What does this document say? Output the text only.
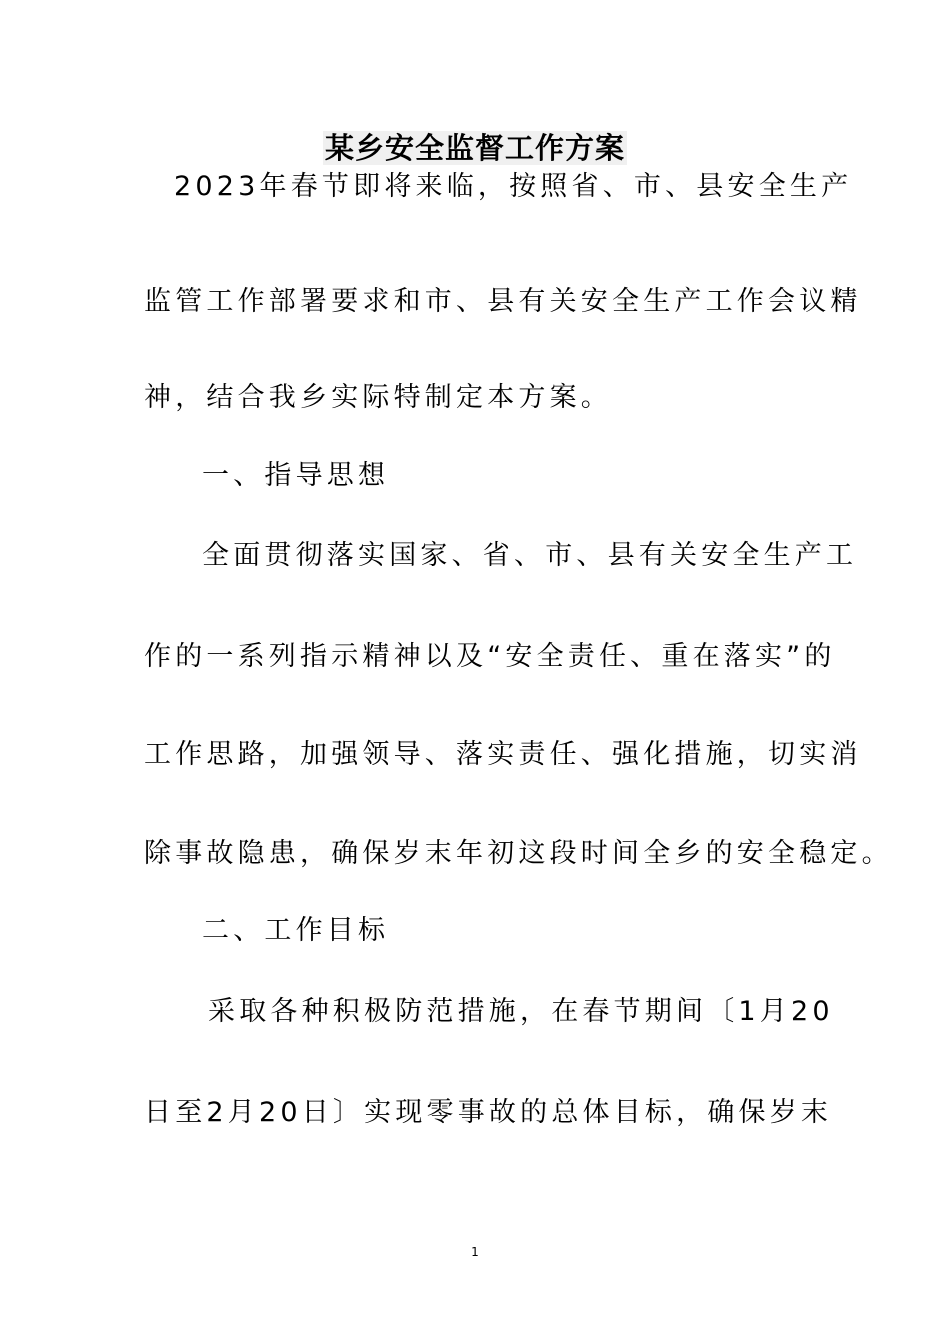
某乡安全监督工作方案
2023年春节即将来临，按照省、市、县安全生产
监管工作部署要求和市、县有关安全生产工作会议精
神，结合我乡实际特制定本方案。
一、指导思想
全面贯彻落实国家、省、市、县有关安全生产工
作的一系列指示精神以及“安全责任、重在落实”的
工作思路，加强领导、落实责任、强化措施，切实消
除事故隐患，确保岁末年初这段时间全乡的安全稳定。
二、工作目标
采取各种积极防范措施，在春节期间〔1月20
日至2月20日〕实现零事故的总体目标，确保岁末
1
